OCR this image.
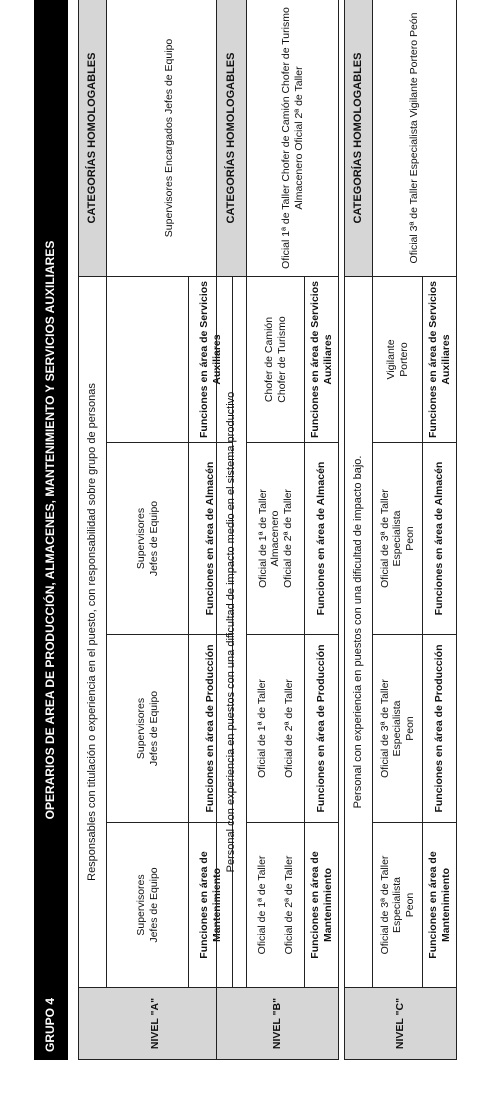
GRUPO 4
OPERARIOS DE AREA DE PRODUCCIÓN, ALMACENES, MANTENIMIENTO Y SERVICIOS AUXILIARES
NIVEL "A"	Responsables con titulación o experiencia en el puesto, con responsabilidad sobre grupo de personas				CATEGORÍAS HOMOLOGABLES

	Supervisores Jefes de Equipo	Supervisores Jefes de Equipo	Supervisores Jefes de Equipo		Supervisores Encargados Jefes de Equipo
	Funciones en área de Mantenimiento	Funciones en área de Producción	Funciones en área de Almacén	Funciones en área de Servicios Auxiliares	
NIVEL "B"	Personal con experiencia en puestos con una dificultad de impacto medio en el sistema productivo				CATEGORÍAS HOMOLOGABLES

	Oficial de 1ª de Taller Oficial de 2ª de Taller	Oficial de 1ª de Taller Oficial de 2ª de Taller	Oficial de 1ª de Taller Almacenero Oficial de 2ª de Taller	Chofer de Camión Chofer de Turismo	Oficial 1ª de Taller Chofer de Camión Chofer de Turismo Almacenero Oficial 2ª de Taller
	Funciones en área de Mantenimiento	Funciones en área de Producción	Funciones en área de Almacén	Funciones en área de Servicios Auxiliares	
NIVEL "C"	Personal con experiencia en puestos con una dificultad de impacto bajo.				CATEGORÍAS HOMOLOGABLES

	Oficial de 3ª de Taller Especialista Peon	Oficial de 3ª de Taller Especialista Peon	Oficial de 3ª de Taller Especialista Peon	Vigilante Portero	Oficial 3ª de Taller Especialista Vigilante Portero Peón
	Funciones en área de Mantenimiento	Funciones en área de Producción	Funciones en área de Almacén	Funciones en área de Servicios Auxiliares	
